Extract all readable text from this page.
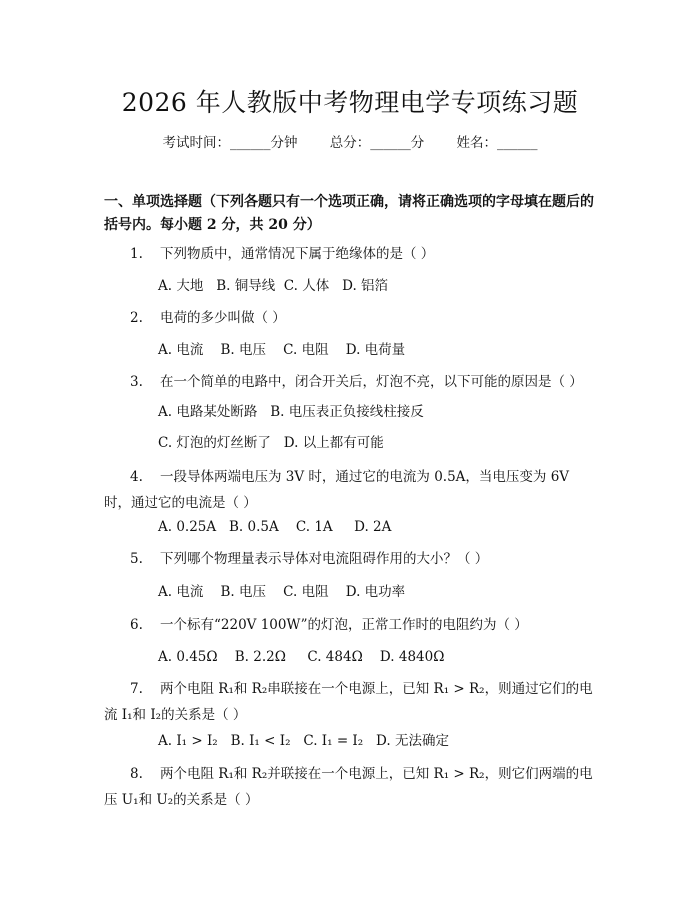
2026 年人教版中考物理电学专项练习题
考试时间：______分钟 总分：______分 姓名：______
一、单项选择题（下列各题只有一个选项正确，请将正确选项的字母填在题后的括号内。每小题 2 分，共 20 分）
1. 下列物质中，通常情况下属于绝缘体的是（ ）
A. 大地   B. 铜导线  C. 人体   D. 铝箔
2. 电荷的多少叫做（ ）
A. 电流    B. 电压    C. 电阻    D. 电荷量
3. 在一个简单的电路中，闭合开关后，灯泡不亮，以下可能的原因是（ ）
A. 电路某处断路   B. 电压表正负接线柱接反
C. 灯泡的灯丝断了   D. 以上都有可能
4. 一段导体两端电压为 3V 时，通过它的电流为 0.5A，当电压变为 6V 时，通过它的电流是（ ）
A. 0.25A   B. 0.5A    C. 1A     D. 2A
5. 下列哪个物理量表示导体对电流阻碍作用的大小？（ ）
A. 电流    B. 电压    C. 电阻    D. 电功率
6. 一个标有“220V 100W”的灯泡，正常工作时的电阻约为（ ）
A. 0.45Ω    B. 2.2Ω     C. 484Ω    D. 4840Ω
7. 两个电阻 R₁和 R₂串联接在一个电源上，已知 R₁ > R₂，则通过它们的电流 I₁和 I₂的关系是（ ）
A. I₁ > I₂   B. I₁ < I₂   C. I₁ = I₂   D. 无法确定
8. 两个电阻 R₁和 R₂并联接在一个电源上，已知 R₁ > R₂，则它们两端的电压 U₁和 U₂的关系是（ ）
